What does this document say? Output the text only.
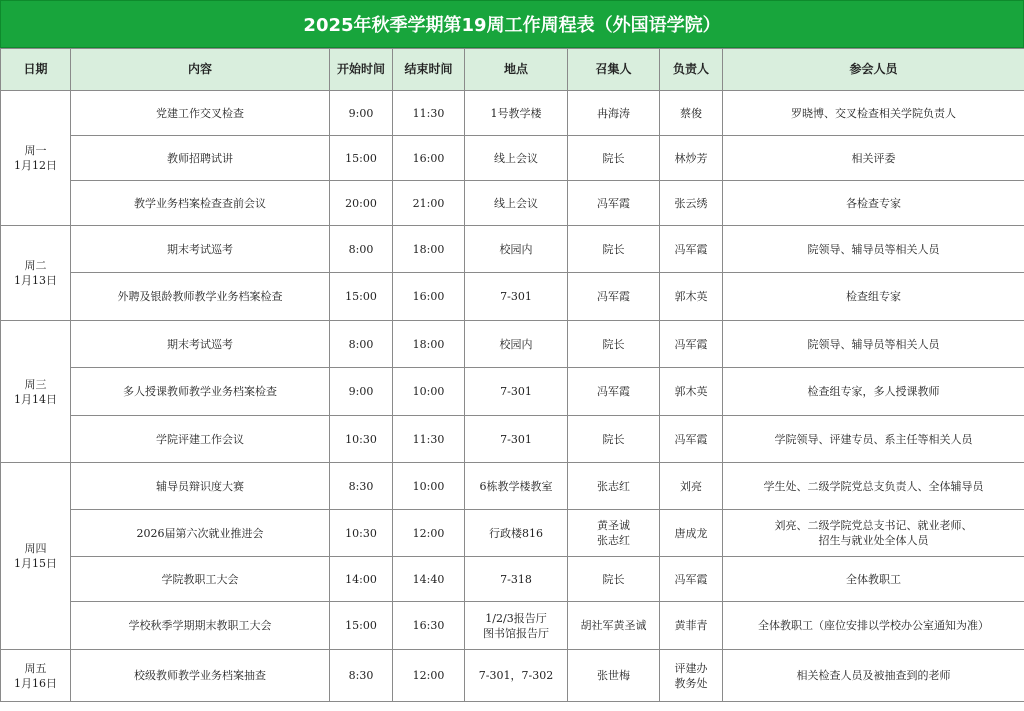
2025年秋季学期第19周工作周程表（外国语学院）
日期	内容	开始时间	结束时间	地点	召集人	负责人	参会人员

周一
1月12日	党建工作交叉检查	9:00	11:30	1号教学楼	冉海涛	蔡俊	罗晓博、交叉检查相关学院负责人
	教师招聘试讲	15:00	16:00	线上会议	院长	林炒芳	相关评委
	教学业务档案检查查前会议	20:00	21:00	线上会议	冯军霞	张云绣	各检查专家

周二
1月13日	期末考试巡考	8:00	18:00	校园内	院长	冯军霞	院领导、辅导员等相关人员
	外聘及银龄教师教学业务档案检查	15:00	16:00	7-301	冯军霞	郭木英	检查组专家

周三
1月14日	期末考试巡考	8:00	18:00	校园内	院长	冯军霞	院领导、辅导员等相关人员
	多人授课教师教学业务档案检查	9:00	10:00	7-301	冯军霞	郭木英	检查组专家，多人授课教师
	学院评建工作会议	10:30	11:30	7-301	院长	冯军霞	学院领导、评建专员、系主任等相关人员

周四
1月15日	辅导员辩识度大赛	8:30	10:00	6栋教学楼教室	张志红	刘亮	学生处、二级学院党总支负责人、全体辅导员
	2026届第六次就业推进会	10:30	12:00	行政楼816	黄圣诚
张志红	唐成龙	刘亮、二级学院党总支书记、就业老师、
招生与就业处全体人员

	学院教职工大会	14:00	14:40	7-318	院长	冯军霞	全体教职工
	学校秋季学期期末教职工大会	15:00	16:30	1/2/3报告厅
图书馆报告厅	胡社军黄圣诚	黄菲青	全体教职工（座位安排以学校办公室通知为准）

周五
1月16日	校级教师教学业务档案抽查	8:30	12:00	7-301，7-302	张世梅	评建办
教务处	相关检查人员及被抽查到的老师
